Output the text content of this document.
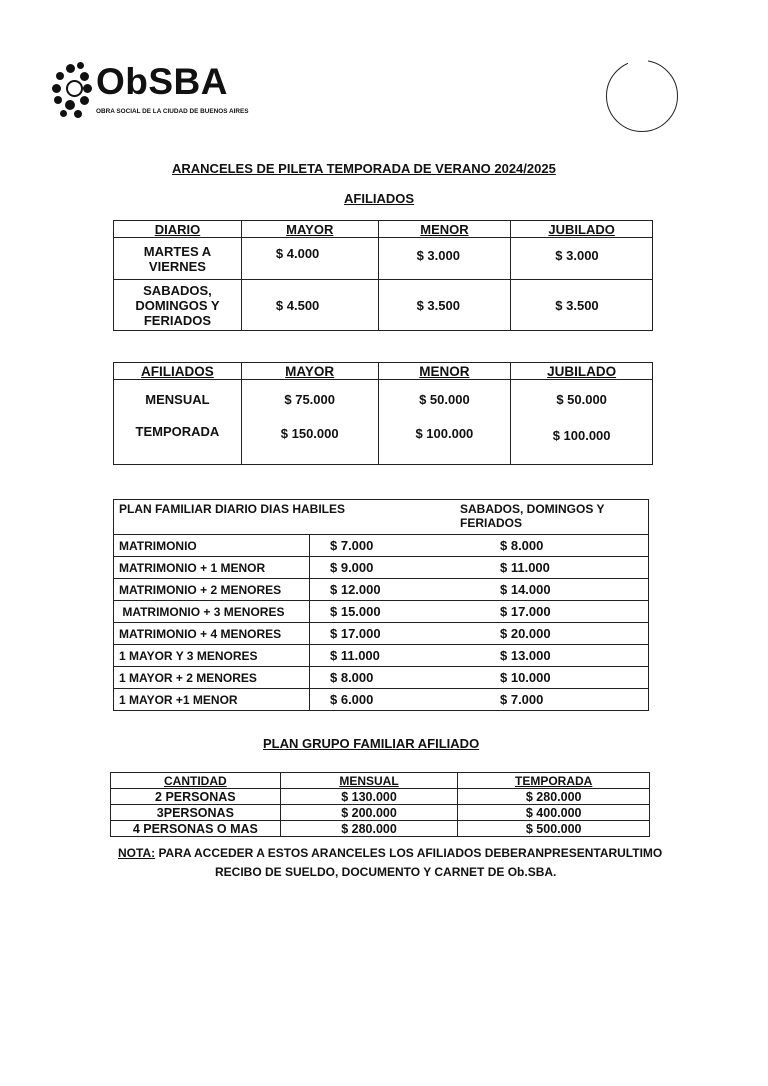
ObSBA
OBRA SOCIAL DE LA CIUDAD DE BUENOS AIRES
ARANCELES DE PILETA TEMPORADA DE VERANO 2024/2025
AFILIADOS
DIARIO	MAYOR	MENOR	JUBILADO
MARTES A VIERNES	$ 4.000	$ 3.000	$ 3.000
SABADOS, DOMINGOS Y FERIADOS	$ 4.500	$ 3.500	$ 3.500
AFILIADOS	MAYOR	MENOR	JUBILADO
MENSUAL	$ 75.000	$ 50.000	$ 50.000
TEMPORADA	$ 150.000	$ 100.000	$ 100.000
PLAN FAMILIAR DIARIO DIAS HABILES		SABADOS, DOMINGOS Y FERIADOS
MATRIMONIO	$ 7.000	$ 8.000
MATRIMONIO + 1 MENOR	$ 9.000	$ 11.000
MATRIMONIO + 2 MENORES	$ 12.000	$ 14.000
MATRIMONIO + 3 MENORES	$ 15.000	$ 17.000
MATRIMONIO + 4 MENORES	$ 17.000	$ 20.000
1 MAYOR Y 3 MENORES	$ 11.000	$ 13.000
1 MAYOR + 2 MENORES	$ 8.000	$ 10.000
1 MAYOR +1 MENOR	$ 6.000	$ 7.000
PLAN GRUPO FAMILIAR AFILIADO
CANTIDAD	MENSUAL	TEMPORADA
2 PERSONAS	$ 130.000	$ 280.000
3PERSONAS	$ 200.000	$ 400.000
4 PERSONAS O MAS	$ 280.000	$ 500.000
NOTA: PARA ACCEDER A ESTOS ARANCELES LOS AFILIADOS DEBERANPRESENTARULTIMO
RECIBO DE SUELDO, DOCUMENTO Y CARNET DE Ob.SBA.
